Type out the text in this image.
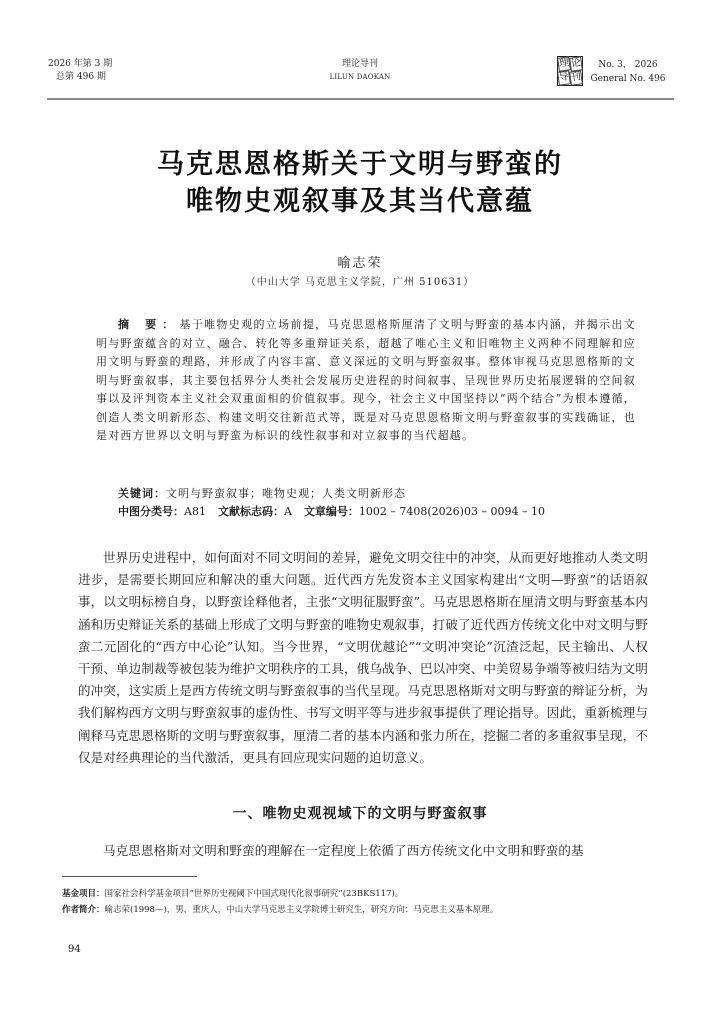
2026 年第 3 期
总第 496 期
理论导刊
LILUN DAOKAN
理 论
导 刊
No. 3， 2026
General No. 496
马克思恩格斯关于文明与野蛮的
唯物史观叙事及其当代意蕴
喻志荣
（中山大学 马克思主义学院，广州 510631）
摘 要：基于唯物史观的立场前提，马克思恩格斯厘清了文明与野蛮的基本内涵，并揭示出文明与野蛮蕴含的对立、融合、转化等多重辩证关系，超越了唯心主义和旧唯物主义两种不同理解和应用文明与野蛮的理路，并形成了内容丰富、意义深远的文明与野蛮叙事。整体审视马克思恩格斯的文明与野蛮叙事，其主要包括界分人类社会发展历史进程的时间叙事、呈现世界历史拓展逻辑的空间叙事以及评判资本主义社会双重面相的价值叙事。现今，社会主义中国坚持以“两个结合”为根本遵循，创造人类文明新形态、构建文明交往新范式等，既是对马克思恩格斯文明与野蛮叙事的实践确证，也是对西方世界以文明与野蛮为标识的线性叙事和对立叙事的当代超越。
关键词：文明与野蛮叙事；唯物史观；人类文明新形态
中图分类号：A81 文献标志码：A 文章编号：1002 – 7408(2026)03 – 0094 – 10
世界历史进程中，如何面对不同文明间的差异，避免文明交往中的冲突，从而更好地推动人类文明进步，是需要长期回应和解决的重大问题。近代西方先发资本主义国家构建出“文明—野蛮”的话语叙事，以文明标榜自身，以野蛮诠释他者，主张“文明征服野蛮”。马克思恩格斯在厘清文明与野蛮基本内涵和历史辩证关系的基础上形成了文明与野蛮的唯物史观叙事，打破了近代西方传统文化中对文明与野蛮二元固化的“西方中心论”认知。当今世界，“文明优越论”“文明冲突论”沉渣泛起，民主输出、人权干预、单边制裁等被包装为维护文明秩序的工具，俄乌战争、巴以冲突、中美贸易争端等被归结为文明的冲突，这实质上是西方传统文明与野蛮叙事的当代呈现。马克思恩格斯对文明与野蛮的辩证分析，为我们解构西方文明与野蛮叙事的虚伪性、书写文明平等与进步叙事提供了理论指导。因此，重新梳理与阐释马克思恩格斯的文明与野蛮叙事，厘清二者的基本内涵和张力所在，挖掘二者的多重叙事呈现，不仅是对经典理论的当代激活，更具有回应现实问题的迫切意义。
一、唯物史观视域下的文明与野蛮叙事
马克思恩格斯对文明和野蛮的理解在一定程度上依循了西方传统文化中文明和野蛮的基
基金项目：国家社会科学基金项目“世界历史视阈下中国式现代化叙事研究”(23BKS117)。
作者简介：喻志荣(1998—)，男，重庆人，中山大学马克思主义学院博士研究生，研究方向：马克思主义基本原理。
94
